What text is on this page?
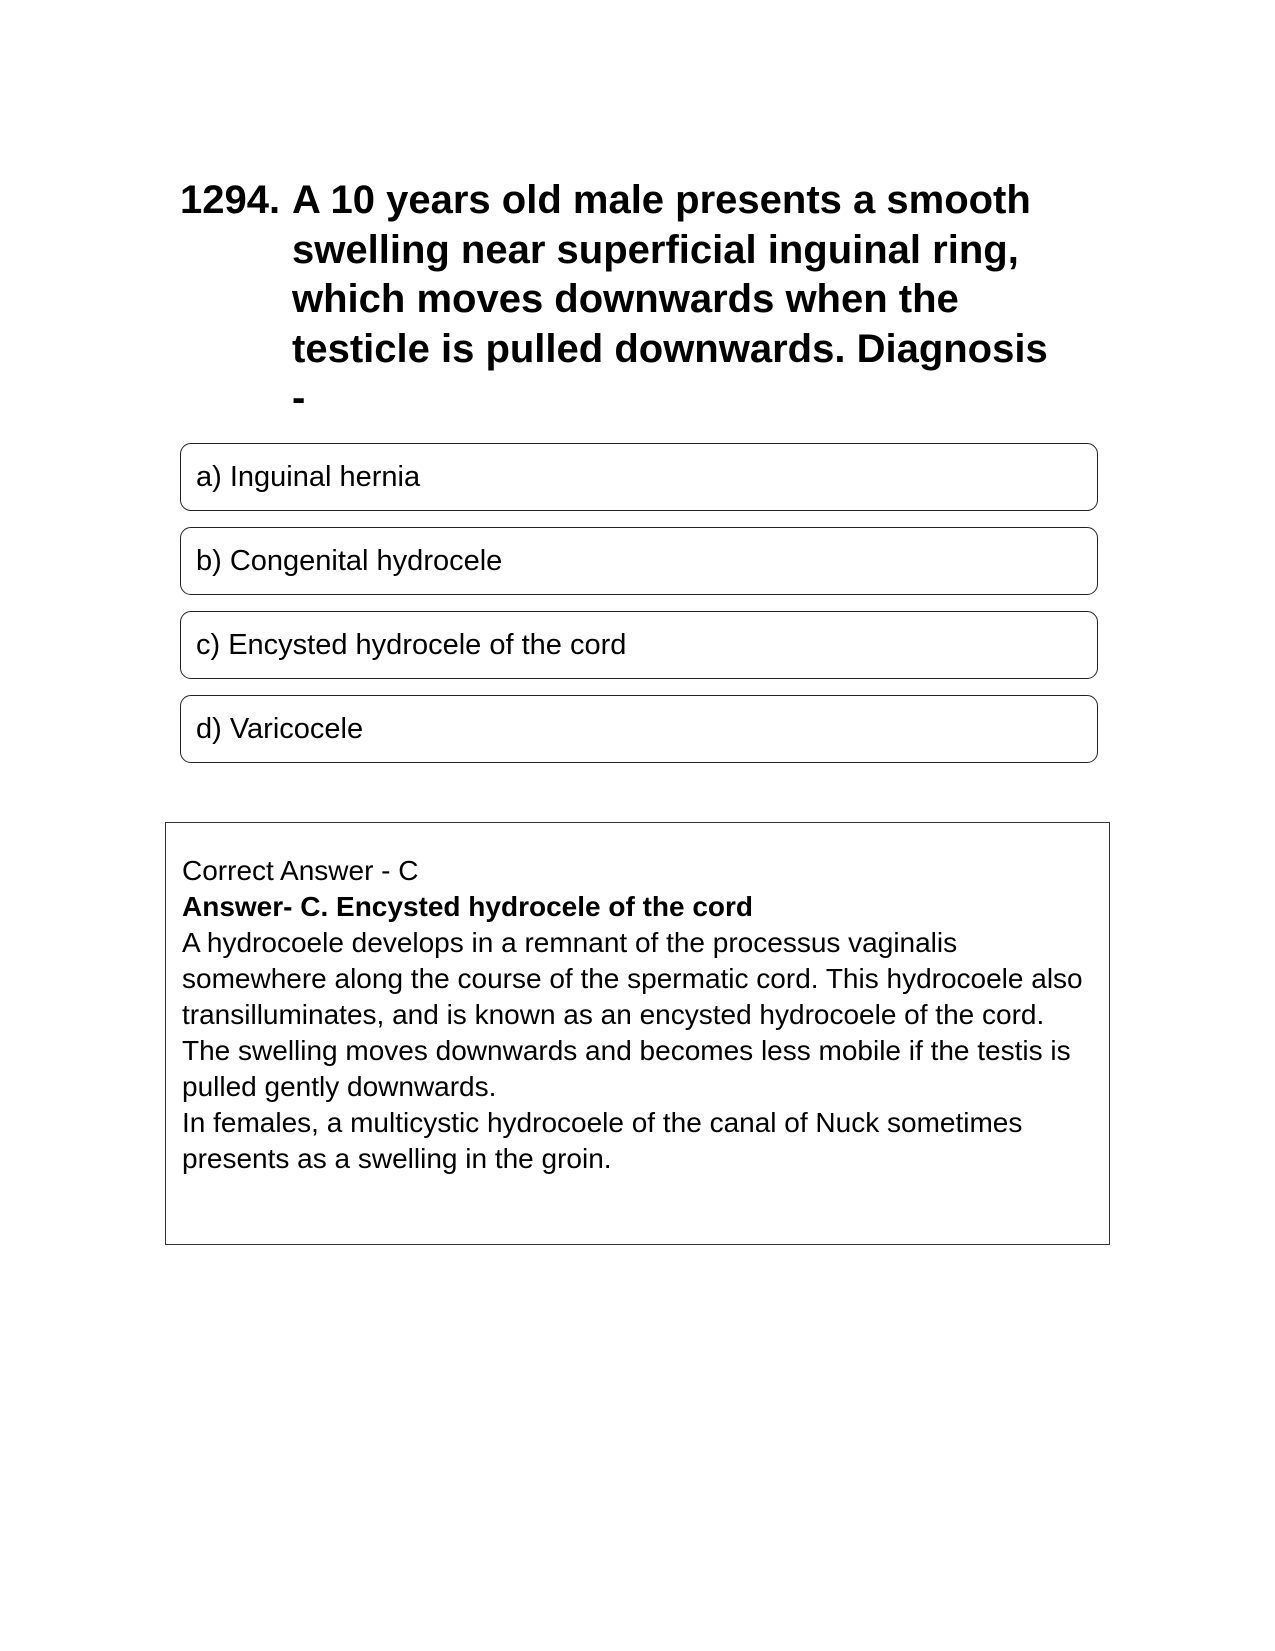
1294. A 10 years old male presents a smooth swelling near superficial inguinal ring, which moves downwards when the testicle is pulled downwards. Diagnosis
-
a) Inguinal hernia
b) Congenital hydrocele
c) Encysted hydrocele of the cord
d) Varicocele

Correct Answer - C

Answer- C. Encysted hydrocele of the cord

A hydrocoele develops in a remnant of the processus vaginalis somewhere along the course of the spermatic cord. This hydrocoele also transilluminates, and is known as an encysted hydrocoele of the cord.

The swelling moves downwards and becomes less mobile if the testis is pulled gently downwards.

In females, a multicystic hydrocoele of the canal of Nuck sometimes presents as a swelling in the groin.
